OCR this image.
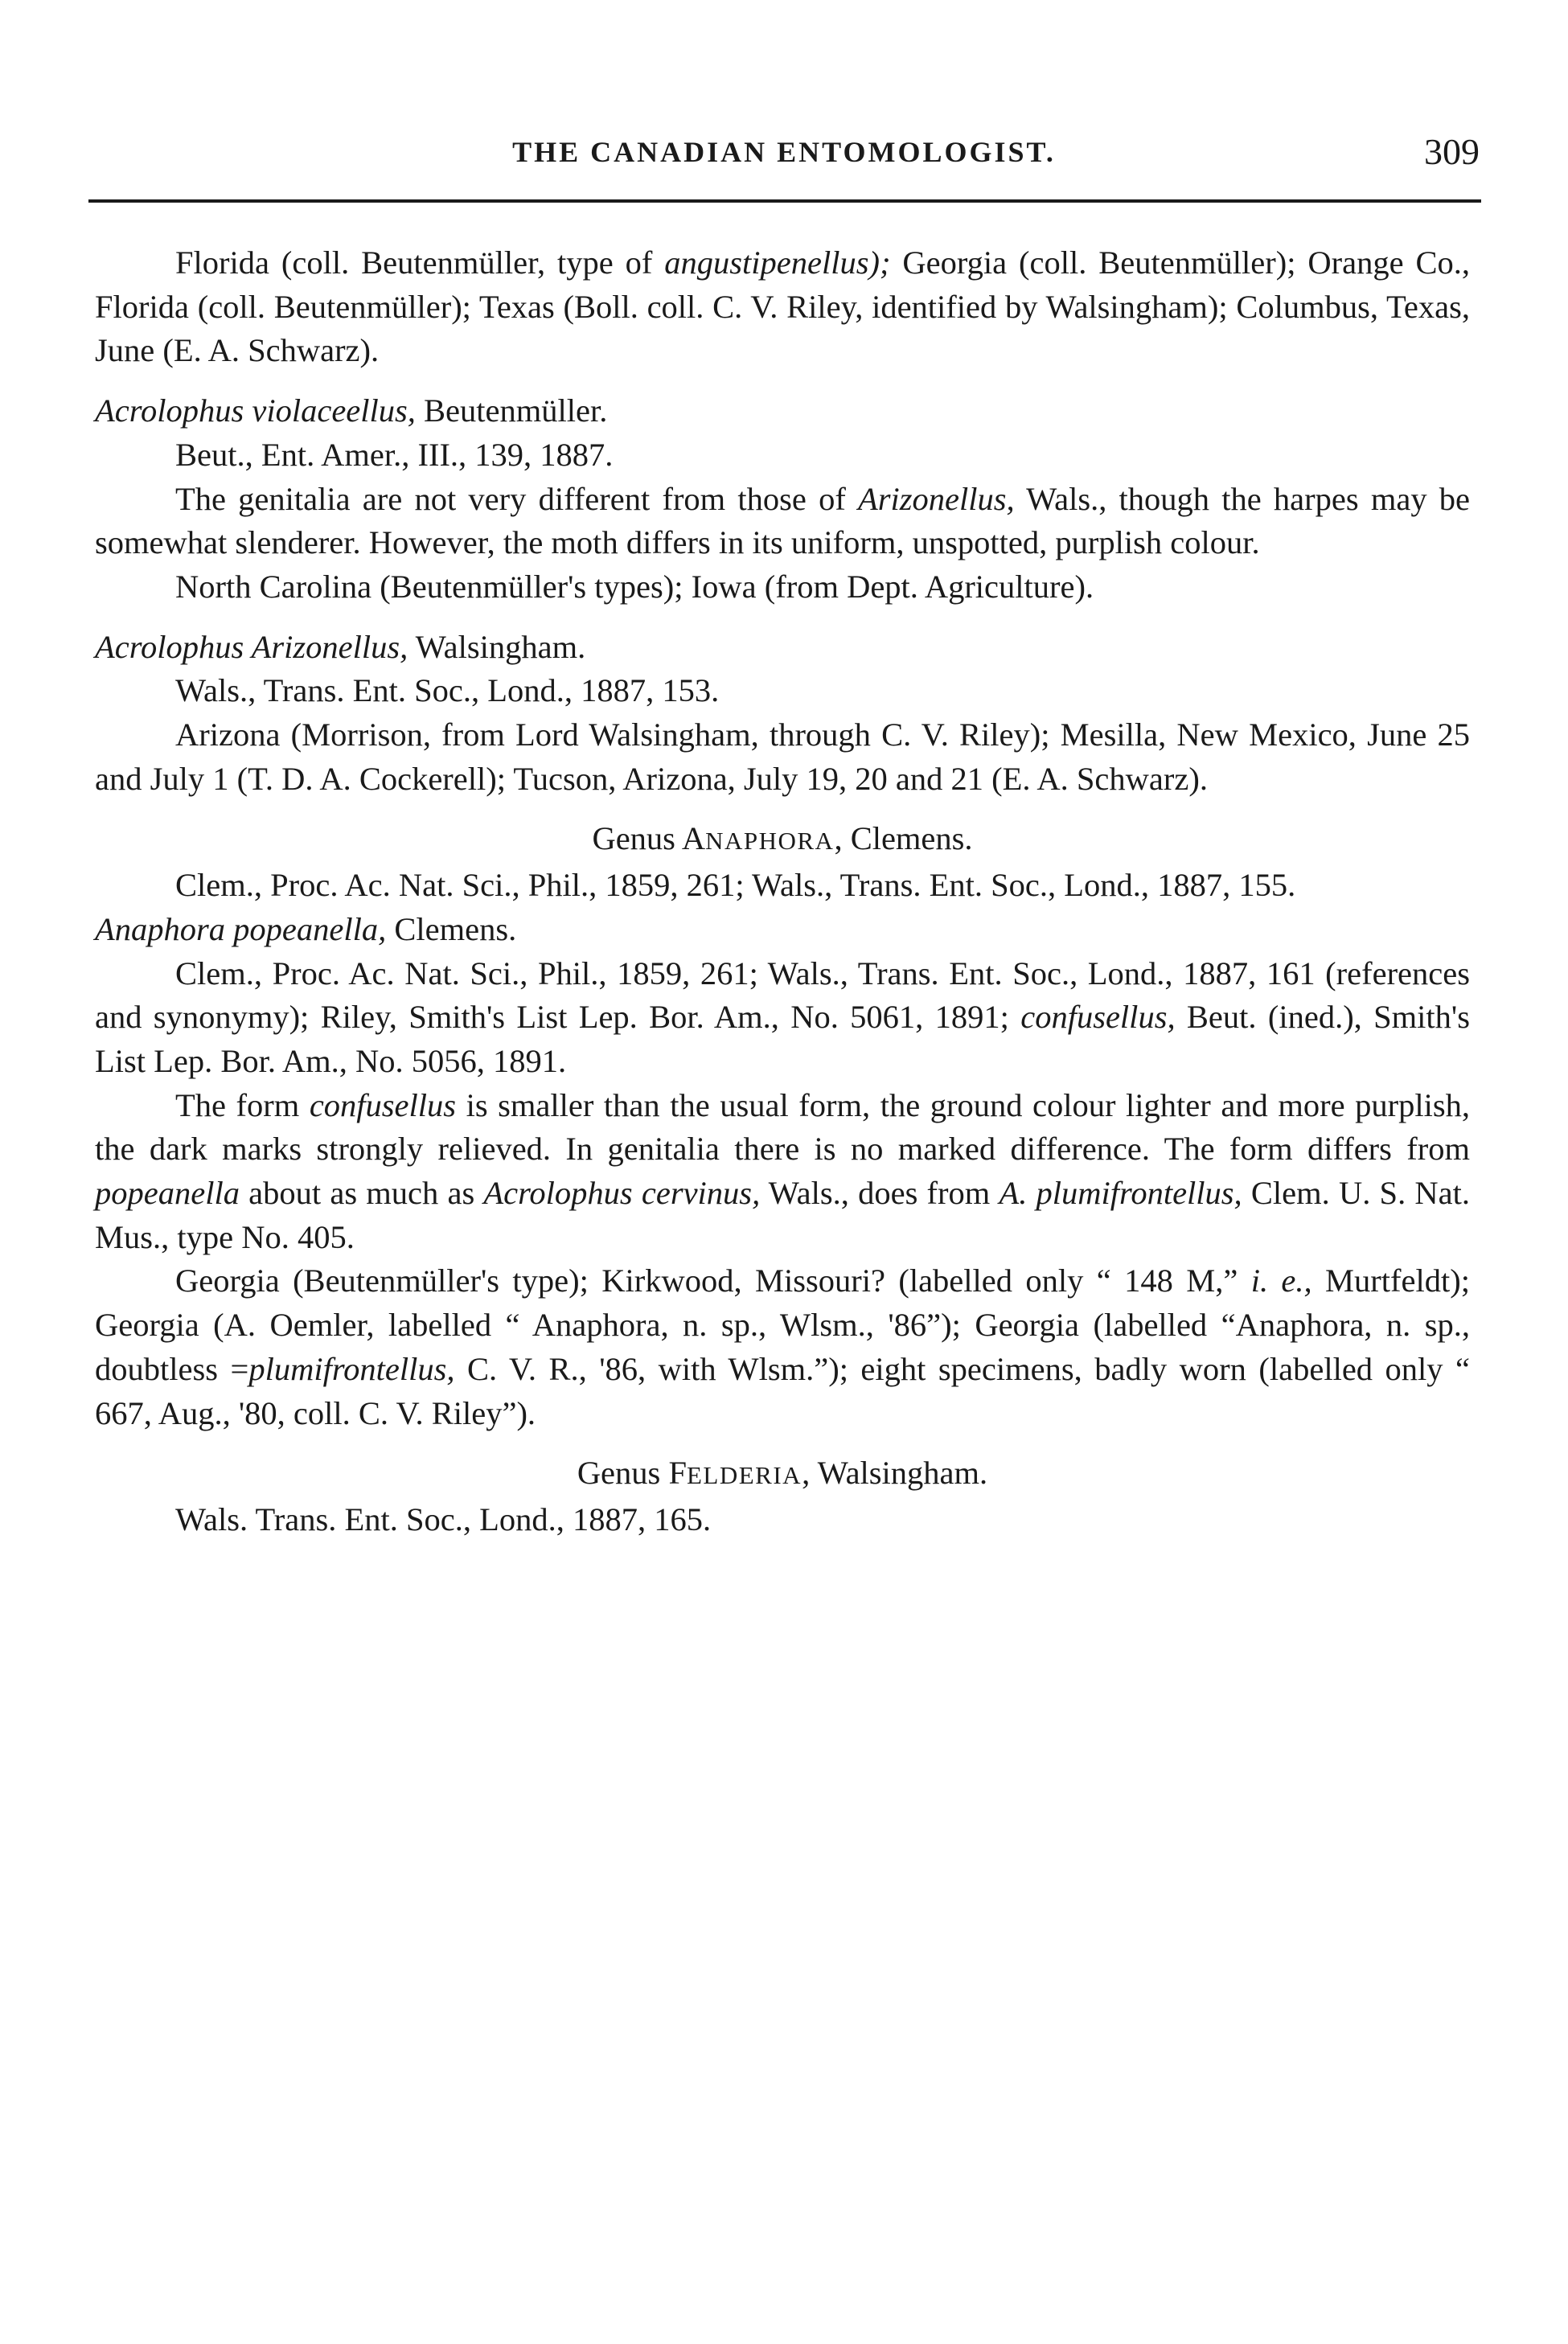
THE CANADIAN ENTOMOLOGIST.	309

Florida (coll. Beutenmüller, type of angustipenellus); Georgia (coll. Beutenmüller); Orange Co., Florida (coll. Beutenmüller); Texas (Boll. coll. C. V. Riley, identified by Walsingham); Columbus, Texas, June (E. A. Schwarz).

Acrolophus violaceellus, Beutenmüller.

Beut., Ent. Amer., III., 139, 1887.

The genitalia are not very different from those of Arizonellus, Wals., though the harpes may be somewhat slenderer. However, the moth differs in its uniform, unspotted, purplish colour.

North Carolina (Beutenmüller's types); Iowa (from Dept. Agriculture).

Acrolophus Arizonellus, Walsingham.

Wals., Trans. Ent. Soc., Lond., 1887, 153.

Arizona (Morrison, from Lord Walsingham, through C. V. Riley); Mesilla, New Mexico, June 25 and July 1 (T. D. A. Cockerell); Tucson, Arizona, July 19, 20 and 21 (E. A. Schwarz).

Genus ANAPHORA, Clemens.

Clem., Proc. Ac. Nat. Sci., Phil., 1859, 261; Wals., Trans. Ent. Soc., Lond., 1887, 155.

Anaphora popeanella, Clemens.

Clem., Proc. Ac. Nat. Sci., Phil., 1859, 261; Wals., Trans. Ent. Soc., Lond., 1887, 161 (references and synonymy); Riley, Smith's List Lep. Bor. Am., No. 5061, 1891; confusellus, Beut. (ined.), Smith's List Lep. Bor. Am., No. 5056, 1891.

The form confusellus is smaller than the usual form, the ground colour lighter and more purplish, the dark marks strongly relieved. In genitalia there is no marked difference. The form differs from popeanella about as much as Acrolophus cervinus, Wals., does from A. plumifrontellus, Clem. U. S. Nat. Mus., type No. 405.

Georgia (Beutenmüller's type); Kirkwood, Missouri? (labelled only “ 148 M,” i. e., Murtfeldt); Georgia (A. Oemler, labelled “ Anaphora, n. sp., Wlsm., '86”); Georgia (labelled “Anaphora, n. sp., doubtless =plumifrontellus, C. V. R., '86, with Wlsm.”); eight specimens, badly worn (labelled only “ 667, Aug., '80, coll. C. V. Riley”).

Genus FELDERIA, Walsingham.

Wals. Trans. Ent. Soc., Lond., 1887, 165.
